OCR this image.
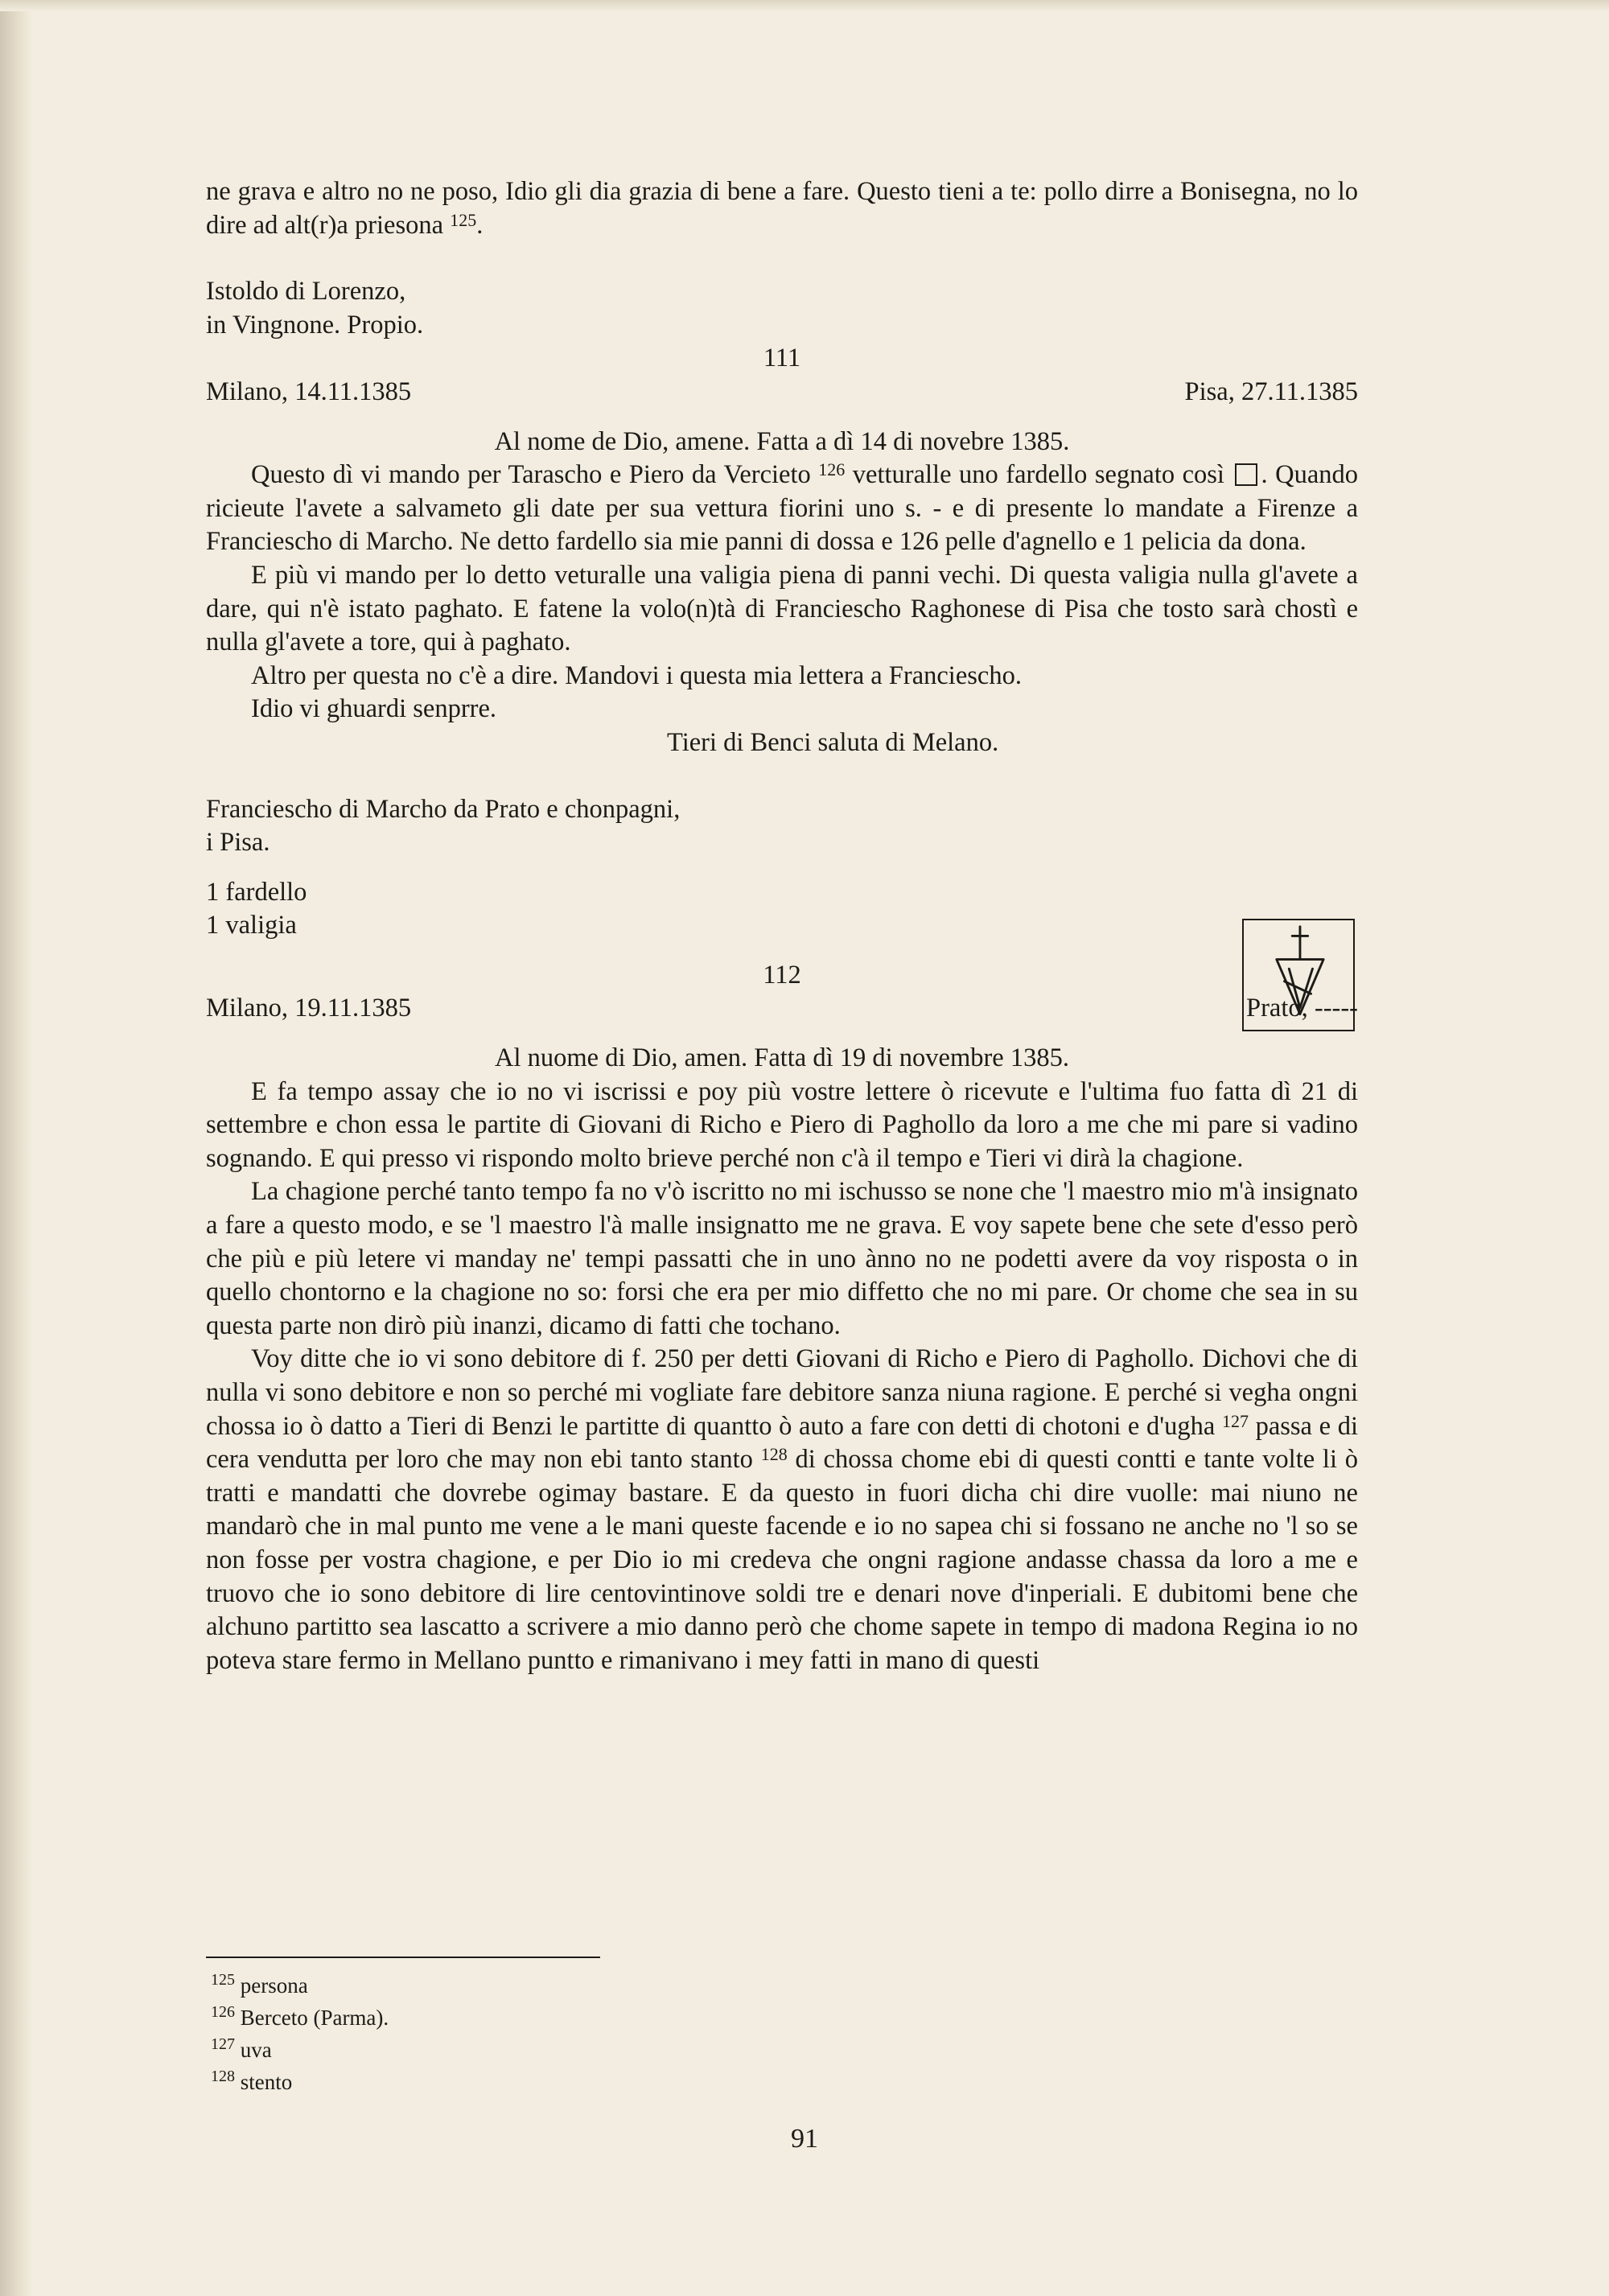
ne grava e altro no ne poso, Idio gli dia grazia di bene a fare. Questo tieni a te: pollo dirre a Bonisegna, no lo dire ad alt(r)a priesona $^{125}$.

Istoldo di Lorenzo,

in Vingnone. Propio.

111

Milano, 14.11.1385	Pisa, 27.11.1385

Al nome de Dio, amene. Fatta a dì 14 di novebre 1385.

Questo dì vi mando per Tarascho e Piero da Vercieto $^{126}$ vetturalle uno fardello segnato così . Quando ricieute l'avete a salvameto gli date per sua vettura fiorini uno s. - e di presente lo mandate a Firenze a Franciescho di Marcho. Ne detto fardello sia mie panni di dossa e 126 pelle d'agnello e 1 pelicia da dona.

E più vi mando per lo detto veturalle una valigia piena di panni vechi. Di questa valigia nulla gl'avete a dare, qui n'è istato paghato. E fatene la volo(n)tà di Franciescho Raghonese di Pisa che tosto sarà chostì e nulla gl'avete a tore, qui à paghato.

Altro per questa no c'è a dire. Mandovi i questa mia lettera a Franciescho.

Idio vi ghuardi senprre.

Tieri di Benci saluta di Melano.

Franciescho di Marcho da Prato e chonpagni,

i Pisa.

1 fardello

1 valigia

112

Milano, 19.11.1385	Prato, -----

Al nuome di Dio, amen. Fatta dì 19 di novembre 1385.

E fa tempo assay che io no vi iscrissi e poy più vostre lettere ò ricevute e l'ultima fuo fatta dì 21 di settembre e chon essa le partite di Giovani di Richo e Piero di Paghollo da loro a me che mi pare si vadino sognando. E qui presso vi rispondo molto brieve perché non c'à il tempo e Tieri vi dirà la chagione.

La chagione perché tanto tempo fa no v'ò iscritto no mi ischusso se none che 'l maestro mio m'à insignato a fare a questo modo, e se 'l maestro l'à malle insignatto me ne grava. E voy sapete bene che sete d'esso però che più e più letere vi manday ne' tempi passatti che in uno ànno no ne podetti avere da voy risposta o in quello chontorno e la chagione no so: forsi che era per mio diffetto che no mi pare. Or chome che sea in su questa parte non dirò più inanzi, dicamo di fatti che tochano.

Voy ditte che io vi sono debitore di f. 250 per detti Giovani di Richo e Piero di Paghollo. Dichovi che di nulla vi sono debitore e non so perché mi vogliate fare debitore sanza niuna ragione. E perché si vegha ongni chossa io ò datto a Tieri di Benzi le partitte di quantto ò auto a fare con detti di chotoni e d'ugha $^{127}$ passa e di cera vendutta per loro che may non ebi tanto stanto $^{128}$ di chossa chome ebi di questi contti e tante volte li ò tratti e mandatti che dovrebe ogimay bastare. E da questo in fuori dicha chi dire vuolle: mai niuno ne mandarò che in mal punto me vene a le mani queste facende e io no sapea chi si fossano ne anche no 'l so se non fosse per vostra chagione, e per Dio io mi credeva che ongni ragione andasse chassa da loro a me e truovo che io sono debitore di lire centovintinove soldi tre e denari nove d'inperiali. E dubitomi bene che alchuno partitto sea lascatto a scrivere a mio danno però che chome sapete in tempo di madona Regina io no poteva stare fermo in Mellano puntto e rimanivano i mey fatti in mano di questi

$^{125}$ persona
$^{126}$ Berceto (Parma).
$^{127}$ uva
$^{128}$ stento
91
